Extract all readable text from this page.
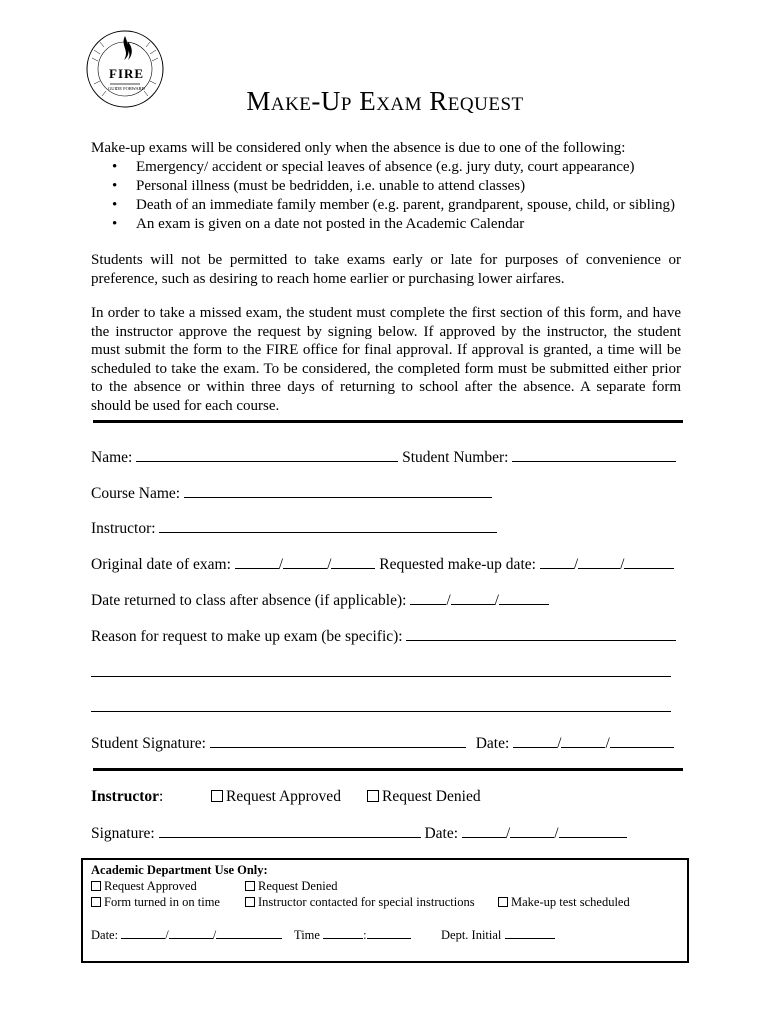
FIRE
GUIDE FORWARD	Make-Up Exam Request
Make-up exams will be considered only when the absence is due to one of the following:
• Emergency/ accident or special leaves of absence (e.g. jury duty, court appearance)
• Personal illness (must be bedridden, i.e. unable to attend classes)
• Death of an immediate family member (e.g. parent, grandparent, spouse, child, or sibling)
• An exam is given on a date not posted in the Academic Calendar
Students will not be permitted to take exams early or late for purposes of convenience or preference, such as desiring to reach home earlier or purchasing lower airfares.
In order to take a missed exam, the student must complete the first section of this form, and have the instructor approve the request by signing below. If approved by the instructor, the student must submit the form to the FIRE office for final approval. If approval is granted, a time will be scheduled to take the exam. To be considered, the completed form must be submitted either prior to the absence or within three days of returning to school after the absence. A separate form should be used for each course.
Name:	Student Number:
Course Name:
Instructor:
Original date of exam:	/	/	Requested make-up date: /	/
Date returned to class after absence (if applicable):	/	/
Reason for request to make up exam (be specific):
Student Signature:	Date:	/	/
Instructor:	Request Approved	Request Denied
Signature:	Date:	/	/
Academic Department Use Only:
Request Approved	Request Denied
Form turned in on time	Instructor contacted for special instructions	Make-up test scheduled
Date:	/	/	Time	:	Dept. Initial
